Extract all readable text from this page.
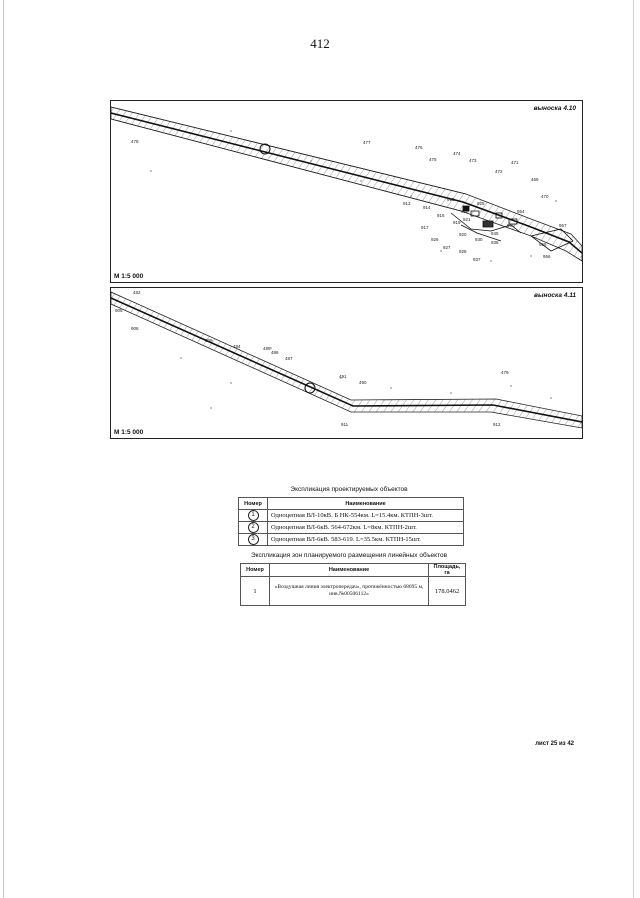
412
478	477
476
475
474
473
472
471
469
470
913
914
915
916
917
918
919
920
921
925
926
927
928
930
937
938
945
950
954
955
956
957
выноска 4.10
М 1:5 000
482
905
906
909
484	485
486
487
491
490
479
911	912
выноска 4.11
М 1:5 000
Экспликация проектируемых объектов
Номер	Наименование
1	Одноцепная ВЛ-10кВ. Б НК-554км. L=15.4км. КТПН-3шт.
2	Одноцепная ВЛ-6кВ. 564-672км. L=8км. КТПН-2шт.
3	Одноцепная ВЛ-6кВ. 583-619. L=35.5км. КТПН-15шт.
Экспликация зон планируемого размещения линейных объектов
Номер	Наименование	Площадь, га
1	«Воздушная линия электропередач», протяжённостью 68695 м, инв.№00506112»	178.0462
лист 25 из 42
